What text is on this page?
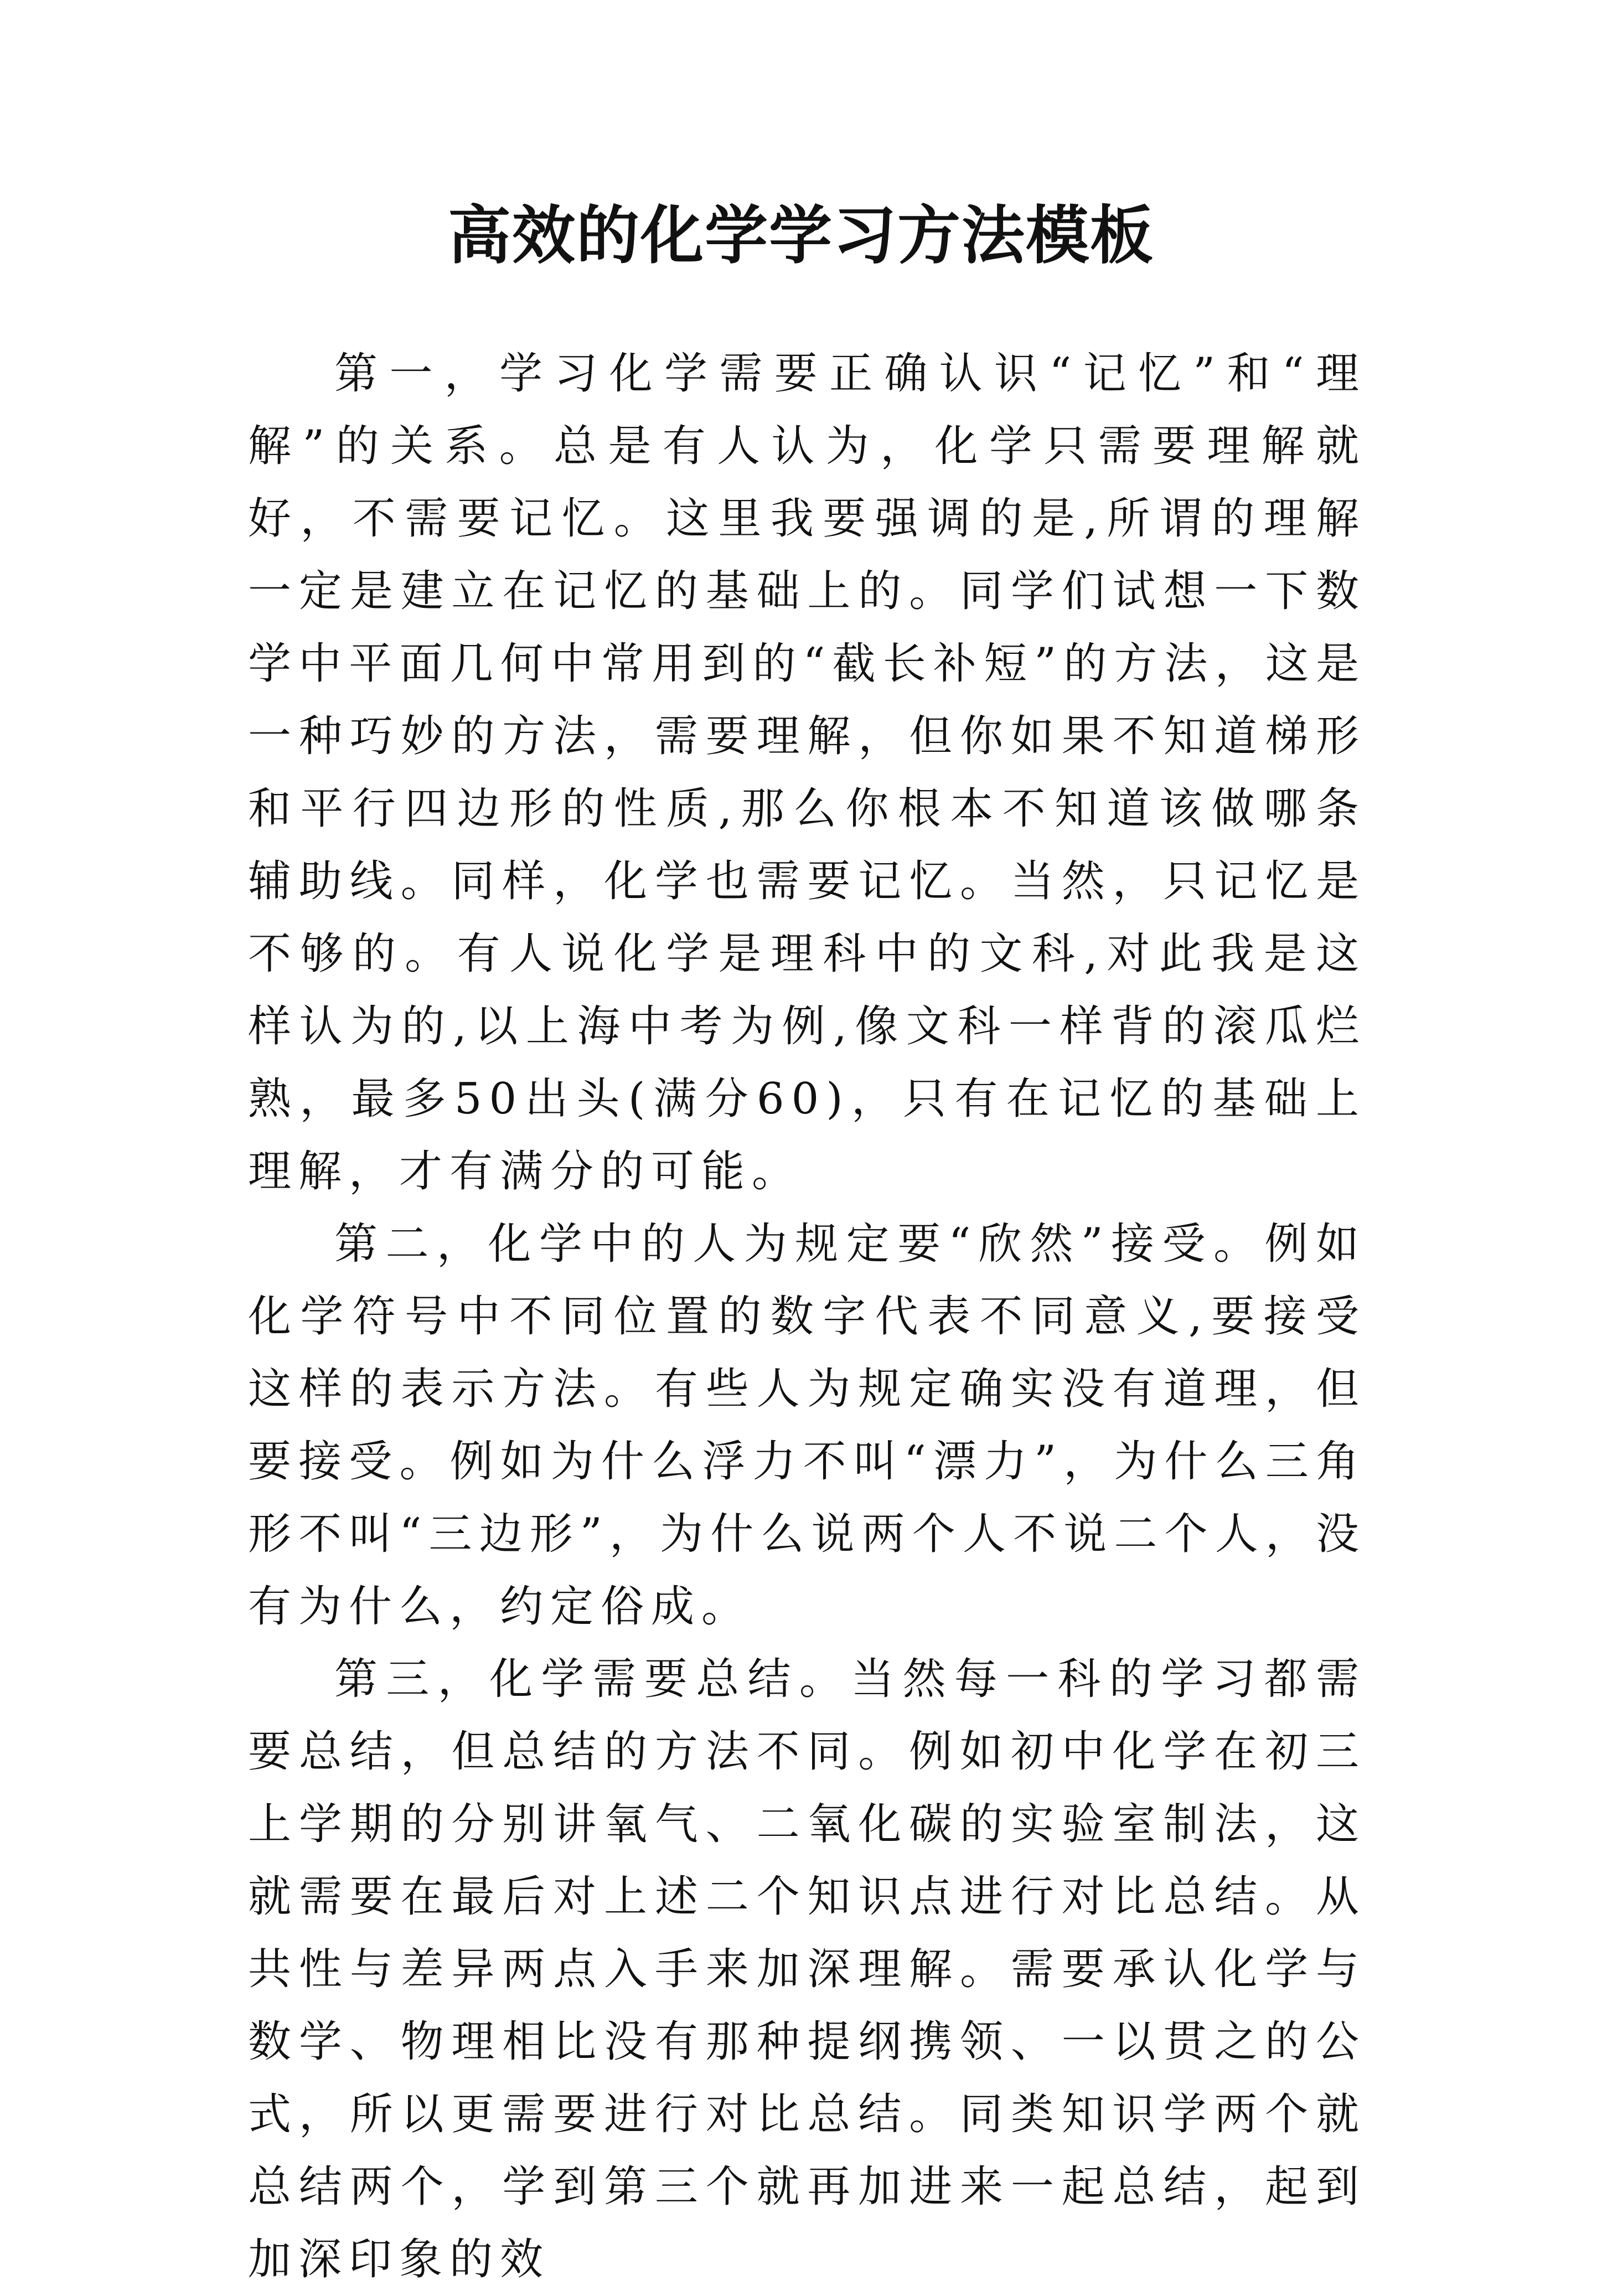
高效的化学学习方法模板

第一，学习化学需要正确认识“记忆”和“理解”的关系。总是有人认为，化学只需要理解就好，不需要记忆。这里我要强调的是,所谓的理解一定是建立在记忆的基础上的。同学们试想一下数学中平面几何中常用到的“截长补短”的方法，这是一种巧妙的方法，需要理解，但你如果不知道梯形和平行四边形的性质,那么你根本不知道该做哪条辅助线。同样，化学也需要记忆。当然，只记忆是不够的。有人说化学是理科中的文科,对此我是这样认为的,以上海中考为例,像文科一样背的滚瓜烂熟，最多50出头(满分60)，只有在记忆的基础上理解，才有满分的可能。

第二，化学中的人为规定要“欣然”接受。例如化学符号中不同位置的数字代表不同意义,要接受这样的表示方法。有些人为规定确实没有道理，但要接受。例如为什么浮力不叫“漂力”，为什么三角形不叫“三边形”，为什么说两个人不说二个人，没有为什么，约定俗成。

第三，化学需要总结。当然每一科的学习都需要总结，但总结的方法不同。例如初中化学在初三上学期的分别讲氧气、二氧化碳的实验室制法，这就需要在最后对上述二个知识点进行对比总结。从共性与差异两点入手来加深理解。需要承认化学与数学、物理相比没有那种提纲携领、一以贯之的公式，所以更需要进行对比总结。同类知识学两个就总结两个，学到第三个就再加进来一起总结，起到加深印象的效
